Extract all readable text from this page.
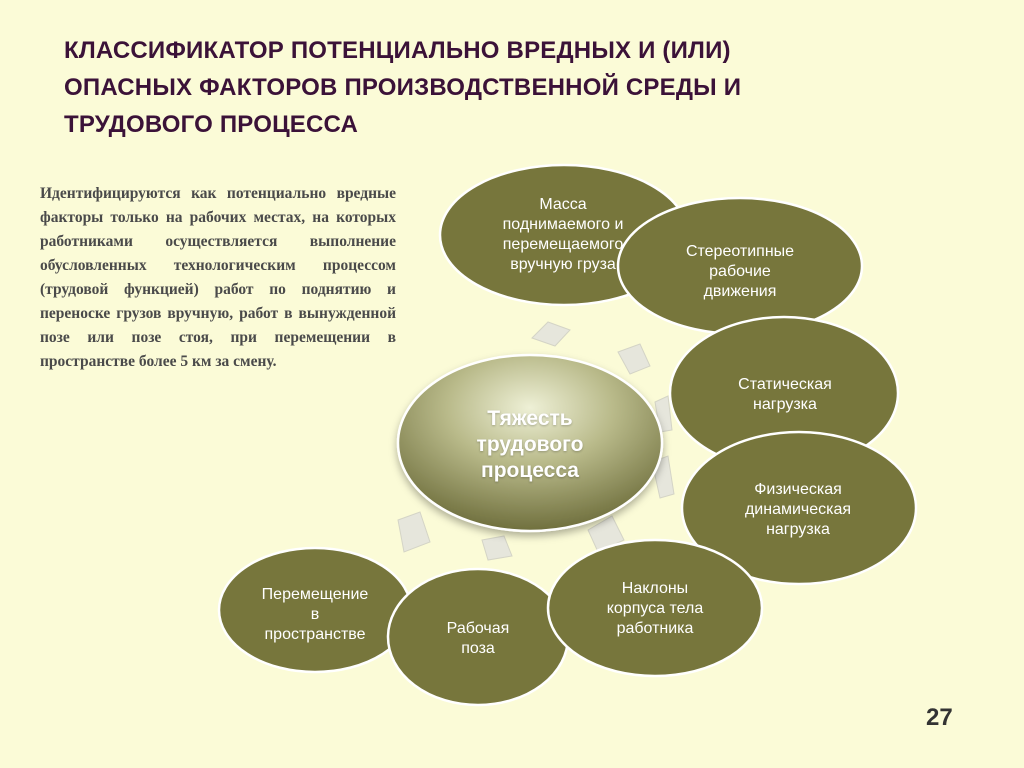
КЛАССИФИКАТОР ПОТЕНЦИАЛЬНО ВРЕДНЫХ И (ИЛИ)
ОПАСНЫХ ФАКТОРОВ ПРОИЗВОДСТВЕННОЙ СРЕДЫ И
ТРУДОВОГО ПРОЦЕССА
Идентифицируются как потенциально вредные факторы только на рабочих местах, на которых работниками осуществляется выполнение обусловленных технологическим процессом (трудовой функцией) работ по поднятию и переноске грузов вручную, работ в вынужденной позе или позе стоя, при перемещении в пространстве более 5 км за смену.
Масса
поднимаемого и
перемещаемого
вручную груза
Стереотипные
рабочие
движения
Статическая
нагрузка
Физическая
динамическая
нагрузка
Наклоны
корпуса тела
работника
Рабочая
поза
Перемещение
в
пространстве
Тяжесть
трудового
процесса
27
